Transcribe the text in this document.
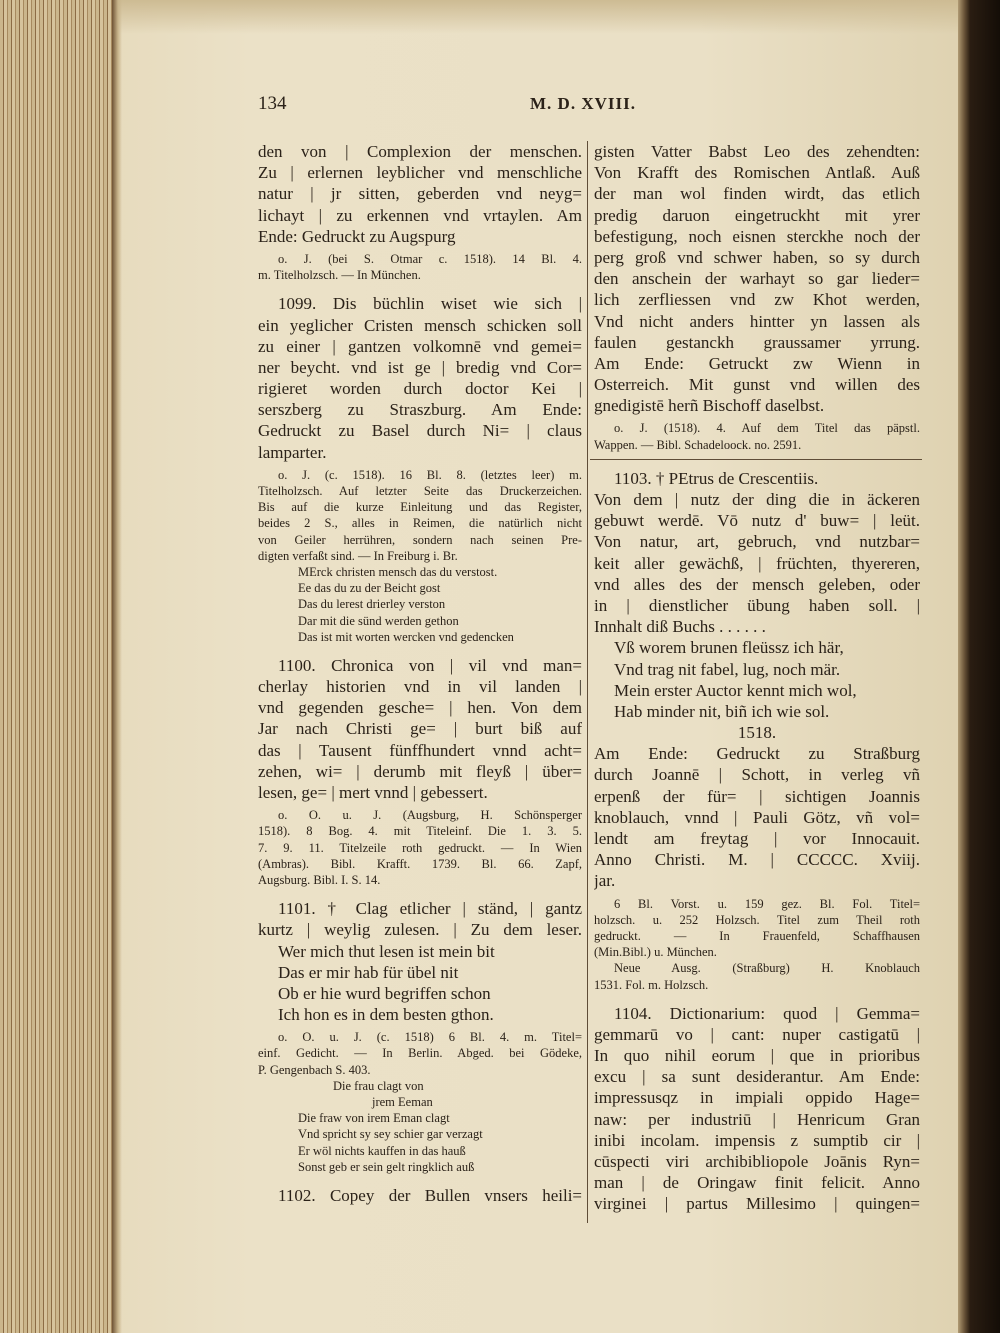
134	M. D. XVIII.
den von | Complexion der menschen.
Zu | erlernen leyblicher vnd menschliche
natur | jr sitten, geberden vnd neyg=
lichayt | zu erkennen vnd vrtaylen. Am
Ende: Gedruckt zu Augspurg
o. J. (bei S. Otmar c. 1518). 14 Bl. 4.
m. Titelholzsch. — In München.
1099. Dis büchlin wiset wie sich |
ein yeglicher Cristen mensch schicken soll
zu einer | gantzen volkomnē vnd gemei=
ner beycht. vnd ist ge | bredig vnd Cor=
rigieret worden durch doctor Kei |
serszberg zu Straszburg. Am Ende:
Gedruckt zu Basel durch Ni= | claus
lamparter.
o. J. (c. 1518). 16 Bl. 8. (letztes leer) m.
Titelholzsch. Auf letzter Seite das Druckerzeichen.
Bis auf die kurze Einleitung und das Register,
beides 2 S., alles in Reimen, die natürlich nicht
von Geiler herrühren, sondern nach seinen Pre-
digten verfaßt sind. — In Freiburg i. Br.
MErck christen mensch das du verstost.
Ee das du zu der Beicht gost
Das du lerest drierley verston
Dar mit die sünd werden gethon
Das ist mit worten wercken vnd gedencken
1100. Chronica von | vil vnd man=
cherlay historien vnd in vil landen |
vnd gegenden gesche= | hen. Von dem
Jar nach Christi ge= | burt biß auf
das | Tausent fünffhundert vnnd acht=
zehen, wi= | derumb mit fleyß | über=
lesen, ge= | mert vnnd | gebessert.
o. O. u. J. (Augsburg, H. Schönsperger
1518). 8 Bog. 4. mit Titeleinf. Die 1. 3. 5.
7. 9. 11. Titelzeile roth gedruckt. — In Wien
(Ambras). Bibl. Krafft. 1739. Bl. 66. Zapf,
Augsburg. Bibl. I. S. 14.
1101. † Clag etlicher | ständ, | gantz
kurtz | weylig zulesen. | Zu dem leser.
Wer mich thut lesen ist mein bit
Das er mir hab für übel nit
Ob er hie wurd begriffen schon
Ich hon es in dem besten gthon.
o. O. u. J. (c. 1518) 6 Bl. 4. m. Titel=
einf. Gedicht. — In Berlin. Abged. bei Gödeke,
P. Gengenbach S. 403.
Die frau clagt von
jrem Eeman
Die fraw von irem Eman clagt
Vnd spricht sy sey schier gar verzagt
Er wöl nichts kauffen in das hauß
Sonst geb er sein gelt ringklich auß
1102. Copey der Bullen vnsers heili=
gisten Vatter Babst Leo des zehendten:
Von Krafft des Romischen Antlaß. Auß
der man wol finden wirdt, das etlich
predig daruon eingetruckht mit yrer
befestigung, noch eisnen sterckhe noch der
perg groß vnd schwer haben, so sy durch
den anschein der warhayt so gar lieder=
lich zerfliessen vnd zw Khot werden,
Vnd nicht anders hintter yn lassen als
faulen gestanckh graussamer yrrung.
Am Ende: Getruckt zw Wienn in
Osterreich. Mit gunst vnd willen des
gnedigistē herñ Bischoff daselbst.
o. J. (1518). 4. Auf dem Titel das päpstl.
Wappen. — Bibl. Schadeloock. no. 2591.
1103. † PEtrus de Crescentiis.
Von dem | nutz der ding die in äckeren
gebuwt werdē. Vō nutz d' buw= | leüt.
Von natur, art, gebruch, vnd nutzbar=
keit aller gewächß, | früchten, thyereren,
vnd alles des der mensch geleben, oder
in | dienstlicher übung haben soll. |
Innhalt diß Buchs . . . . . .
Vß worem brunen fleüssz ich här,
Vnd trag nit fabel, lug, noch mär.
Mein erster Auctor kennt mich wol,
Hab minder nit, biñ ich wie sol.
1518.
Am Ende: Gedruckt zu Straßburg
durch Joannē | Schott, in verleg vñ
erpenß der für= | sichtigen Joannis
knoblauch, vnnd | Pauli Götz, vñ vol=
lendt am freytag | vor Innocauit.
Anno Christi. M. | CCCCC. Xviij.
jar.
6 Bl. Vorst. u. 159 gez. Bl. Fol. Titel=
holzsch. u. 252 Holzsch. Titel zum Theil roth
gedruckt. — In Frauenfeld, Schaffhausen
(Min.Bibl.) u. München.
Neue Ausg. (Straßburg) H. Knoblauch
1531. Fol. m. Holzsch.
1104. Dictionarium: quod | Gemma=
gemmarū vo | cant: nuper castigatū |
In quo nihil eorum | que in prioribus
excu | sa sunt desiderantur. Am Ende:
impressusqz in impiali oppido Hage=
naw: per industriū | Henricum Gran
inibi incolam. impensis z sumptib cir |
cūspecti viri archibibliopole Joānis Ryn=
man | de Oringaw finit felicit. Anno
virginei | partus Millesimo | quingen=
